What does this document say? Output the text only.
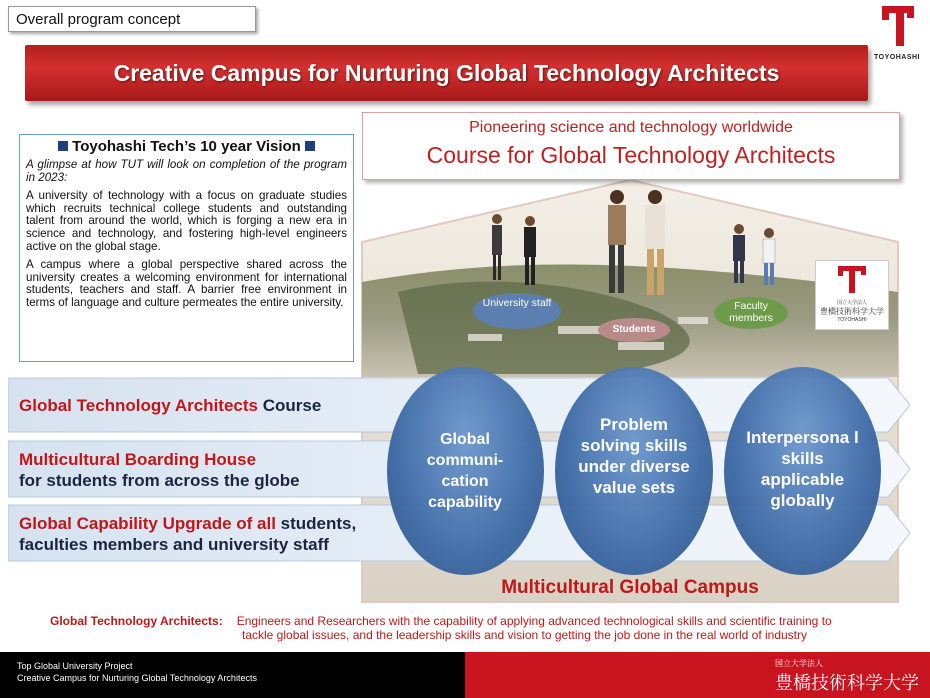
Overall program concept
TOYOHASHI
Creative Campus for Nurturing Global Technology Architects
University staff
Students
Faculty members
国立大学法人
豊橋技術科学大学
TOYOHASHI
Pioneering science and technology worldwide
Course for Global Technology Architects
Toyohashi Tech’s 10 year Vision

A glimpse at how TUT will look on completion of the program in 2023:

A university of technology with a focus on graduate studies which recruits technical college students and outstanding talent from around the world, which is forging a new era in science and technology, and fostering high-level engineers active on the global stage.

A campus where a global perspective shared across the university creates a welcoming environment for international students, teachers and staff. A barrier free environment in terms of language and culture permeates the entire university.

Global Technology Architects Course
Multicultural Boarding House
for students from across the globe
Global Capability Upgrade of all students,
faculties members and university staff
Global communi-cation capability
Problem solving skills under diverse value sets
Interpersona l skills applicable globally
Multicultural Global Campus
Global Technology Architects: Engineers and Researchers with the capability of applying advanced technological skills and scientific training to
tackle global issues, and the leadership skills and vision to getting the job done in the real world of industry
Top Global University Project
Creative Campus for Nurturing Global Technology Architects
国立大学法人
豊橋技術科学大学
